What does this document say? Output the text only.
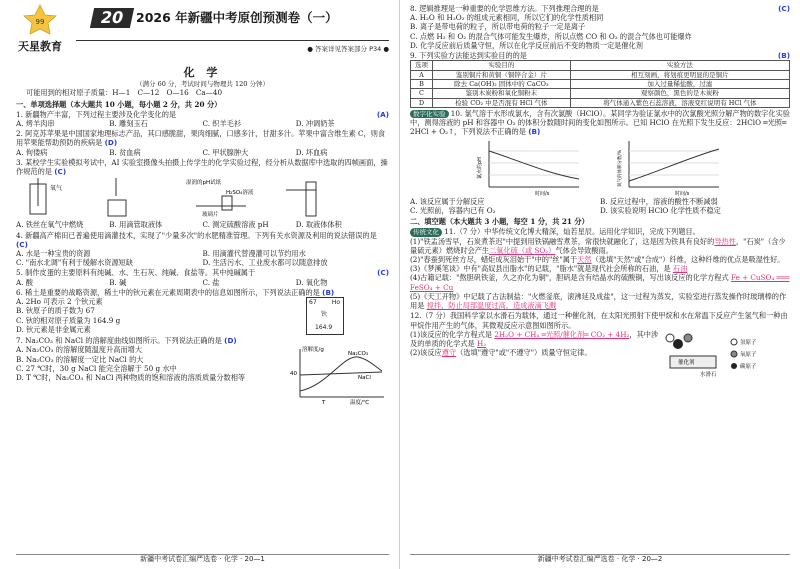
99
天星教育
20 2026 年新疆中考原创预测卷（一）
● 答案详见答案部分 P34 ●
化 学
（满分 60 分，考试时间与物理共 120 分钟）
可能用到的相对原子质量：H—1　C—12　O—16　Ca—40
一、单项选择题（本大题共 10 小题，每小题 2 分，共 20 分）
1. 新疆物产丰富，下列过程主要涉及化学变化的是	(A)
A. 烤羊肉串	B. 雕刻玉石	C. 织羊毛衫	D. 冲调奶茶
2. 阿克苏苹果是中国国家地理标志产品，其口感脆甜，果肉细腻，口感多汁，甘甜多汁。苹果中富含维生素 C，则食用苹果能帮助预防的疾病是 (D)
A. 佝偻病	B. 贫血病	C. 甲状腺肿大	D. 坏血病
3. 某校学生实验模拟考试中，AI 实验室摄像头拍摄上传学生的化学实验过程，经分析从数据库中选取的四帧画面，操作规范的是 (C)
氧气
湿润的pH试纸
H₂SO₄溶液
玻璃片
A. 铁丝在氧气中燃烧	B. 用滴管取液体	C. 测定硫酸溶液 pH	D. 取液体体积
4. 新疆高产棉田已普遍使用滴灌技术，实现了"少量多次"的水肥精准管理。下列有关水资源及利用的说法错误的是 (C)
A. 水是一种宝贵的资源	B. 用滴灌代替漫灌可以节约用水
C. "南水北调"有利于缓解水资源短缺	D. 生活污水、工业废水都可以随意排放
5. 制作皮蛋的主要原料有纯碱、水、生石灰、纯碱、食盐等。其中纯碱属于	(C)
A. 酸	B. 碱	C. 盐	D. 氧化物
6. 稀土是重要的战略资源，稀土中的钬元素在元素周期表中的信息如图所示，下列说法正确的是 (B)
A. 2Ho 可表示 2 个钬元素
B. 钬原子的质子数为 67
C. 钬的相对原子质量为 164.9 g
D. 钬元素是非金属元素
67	Ho
钬
164.9
7. Na₂CO₃ 和 NaCl 的溶解度曲线如图所示。下列说法正确的是 (D)
A. Na₂CO₃ 的溶解度随温度升高而增大
B. Na₂CO₃ 的溶解度一定比 NaCl 的大
C. 27 ℃时，30 g NaCl 能完全溶解于 50 g 水中
D. T ℃时，Na₂CO₃ 和 NaCl 两种物质的饱和溶液的溶质质量分数相等
溶解度/g
Na₂CO₃
NaCl
温度/℃
40
T
新疆中考试卷汇编严选卷 · 化学 · 20—1
8. 逻辑推理是一种重要的化学思维方法。下列推理合理的是	(C)
A. H₂O 和 H₂O₂ 的组成元素相同，所以它们的化学性质相同
B. 离子是带电荷的粒子，所以带电荷的粒子一定是离子
C. 点燃 H₂ 和 O₂ 的混合气体可能发生爆炸，所以点燃 CO 和 O₂ 的混合气体也可能爆炸
D. 化学反应前后质量守恒，所以在化学反应前后不变的物质一定是催化剂
9. 下列实验方法能达到实验目的的是	(B)
选项	实验目的	实验方法
A	鉴别铜片和黄铜（铜锌合金）片	相互刻画，将划痕更明显的是铜片
B	除去 Ca(OH)₂ 固体中的 CaCO₃	加入过量稀盐酸，过滤
C	鉴别木炭粉和氧化铜粉末	观察颜色，黑色的是木炭粉
D	检验 CO₂ 中是否混有 HCl 气体	将气体通入紫色石蕊溶液，溶液变红说明有 HCl 气体
数字化实验 10. 氯气溶于水形成氯水，含有次氯酸（HClO）。某同学为验证氯水中的次氯酸光照分解产物的数字化实验中，测得溶液的 pH 和容器中 O₂ 的体积分数随时间的变化如图所示。已知 HClO 在光照下发生反应：2HClO ═光照═ 2HCl + O₂↑，下列说法不正确的是 (B)
氯水的pH
时间/s
氧气的体积分数/%
时间/s
A. 该反应属于分解反应	B. 反应过程中，溶液的酸性不断减弱
C. 光照前，容器内已有 O₂	D. 该实验说明 HClO 化学性质不稳定
二、填空题（本大题共 3 小题，每空 1 分，共 21 分）
传统文化 11.（7 分）中华传统文化博大精深，灿若星辰。运用化学知识，完成下列题目。
(1)"铁盂汤雪早，石炭煮茶迟"中提到用铁锅融雪煮茶，常很快就融化了，这是因为铁具有良好的导热性，"石炭"（含少量硫元素）燃烧时会产生二氧化硫（或 SO₂）气体会导致酸雨。
(2)"春蚕到死丝方尽，蜡炬成灰泪始干"中的"丝"属于天然（选填"天然"或"合成"）纤维，这种纤维的优点是吸湿性好。
(3)《梦溪笔谈》中有"高奴县出脂水"的记载，"脂水"就是现代社会所称的石油，是 石油
(4)古籍记载："熬胆矾铁釜，久之亦化为铜"，胆矾是含有结晶水的硫酸铜，写出该反应的化学方程式 Fe + CuSO₄ ═══ FeSO₄ + Cu
(5)《天工开物》中记载了古法制盐："火燃釜底，滚沸延及成盐"，这一过程为蒸发，实验室进行蒸发操作时玻璃棒的作用是 搅拌，防止局部温度过高，造成液滴飞溅
12.（7 分）我国科学家以水滑石为载体，通过一种催化剂，在太阳光照射下使甲烷和水在常温下反应产生氢气和一种由甲烷作用产生的气体，其微观反应示意图如图所示。
(1)该反应的化学方程式是 2H₂O + CH₄ ═光照/催化剂═ CO₂ + 4H₂，其中涉及的单质的化学式是 H₂
(2)该反应遵守（选填"遵守"或"不遵守"）质量守恒定律。
催化剂
水滑石
氢原子
氧原子
碳原子
新疆中考试卷汇编严选卷 · 化学 · 20—2
